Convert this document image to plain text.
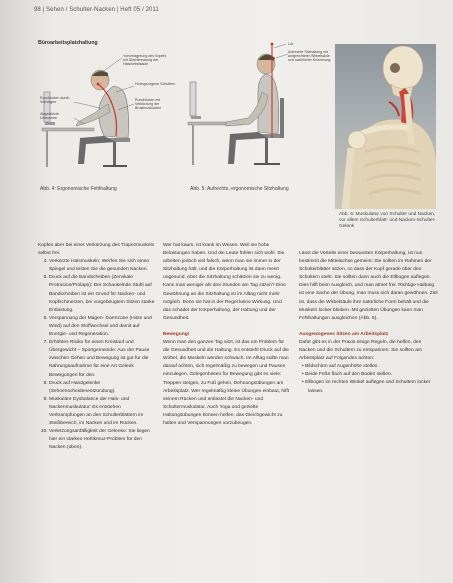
98 | Sehen / Schulter-Nacken | Heft 05 / 2011
Büroarbeitsplatzhaltung
Vorverlagerung des Kopfes mit Überstreckung der Halswirbelsäule
Hochgezogene Schultern
Rundrücken mit Verkürzung der Brustmuskulatur
Rundrücken durch Vorneigen
Abgestützte Unterarme
Abb. 4: Ergonomische Fehlhaltung
Lot
Aufrechte Sitzhaltung mit aufgerichteter Wirbelsäule und natürlicher Krümmung
Abb. 5: Aufrechte, ergonomische Sitzhaltung
Abb. 6: Muskulatur von Schulter und Nacken, vor allem Schulterblatt- und Nacken-Schulter-Gelenk

Kopfes aber bei einer Verkürzung des Trapezmuskels selbst frei.

4. Verkürzte Halsmuskeln: Werfen Sie sich einen Spiegel und testen Sie die gesunden Nacken.
5. Druck auf die Bandscheiben (Zervikale Protrusion/Prolaps): Der Schaukelnde Stuhl auf Bandscheiben ist ein Grund für Nacken- und Kopfschmerzen, bei vorgebeugtem Sitzen starke Entlastung.
6. Verspannung der Magen- Darmzone (Hitze und Wind) auf den Stoffwechsel und damit auf Energie- und Regeneration.
7. Erhöhtes Risiko für einen Kreislauf und Übergewicht – Sportgemeinde: Aus der Pause zwischen Gehen und Bewegung ist gut für die Nahrungsaufnahme für eine Art Gelenk Bewegungen für den.
8. Druck auf Handgelenke (Sehnenscheidenentzündung).
9. Muskuläre Dysbalance der Hals- und Nackenmuskulatur: Es entstehen Verkrampfungen an den Schulterblättern im Steißbereich, im Nacken und im Rücken.
10. Verletzungsanfälligkeit der Gelenke: Sie liegen hier ein starkes Hohlkreuz-Problem für den Nacken (oben).

Wer hat kaum, ist krank im Wesen. Weil sie hohe Belastungen haben. Und die Leute fühlen sich wohl. Sie arbeiten jedoch viel falsch, wenn man sie immer in der Sitzhaltung hält, und die Körperhaltung ist dann meist ungesund. Aber die Sitzhaltung schätzen sie zu wenig. Kann man weniger als drei Stunden am Tag sitzen? Eine Gewöhnung an die Sitzhaltung ist im Alltag nicht mehr möglich. Denn sie hat in der Regel keine Wirkung. Und das schadet der Körperhaltung, der Haltung und der Gesundheit.

Bewegung!

Wenn man den ganzen Tag sitzt, ist das ein Problem für die Gesundheit und die Haltung. Es entsteht Druck auf die Wirbel, die Muskeln werden schwach. Im Alltag sollte man darauf achten, sich regelmäßig zu bewegen und Pausen einzulegen. Gelegenheiten für Bewegung gibt es viele: Treppen steigen, zu Fuß gehen, Dehnungsübungen am Arbeitsplatz. Wer regelmäßig kleine Übungen einbaut, hilft seinem Rücken und entlastet die Nacken- und Schultermuskulatur. Auch Yoga und gezielte Haltungsübungen können helfen, das Gleichgewicht zu halten und Verspannungen vorzubeugen.

Lässt die Vorteile einer bewussten Körperhaltung, ist nun bestimmt die Mittelachse gemeint: Sie sollten im Rahmen der Schulterblätter sitzen, so dass der Kopf gerade über den Schultern steht. Sie sollten dann auch die Ellbogen auflegen. Dies hilft beim Ausgleich, und man atmet frei. Richtige Haltung ist eine Sache der Übung, man muss sich daran gewöhnen. Ziel ist, dass die Wirbelsäule ihre natürliche Form behält und die Muskeln locker bleiben. Mit gezielten Übungen kann man Fehlhaltungen ausgleichen (Abb. 6).

Ausgewogenes Sitzen am Arbeitsplatz

Dafür gibt es in der Praxis einige Regeln, die helfen, den Nacken und die Schultern zu entspannen. Sie sollten am Arbeitsplatz auf Folgendes achten:

• Bildschirm auf Augenhöhe stellen.
• Beide Füße flach auf den Boden stellen.
• Ellbogen im rechten Winkel auflegen und Schultern locker lassen.
